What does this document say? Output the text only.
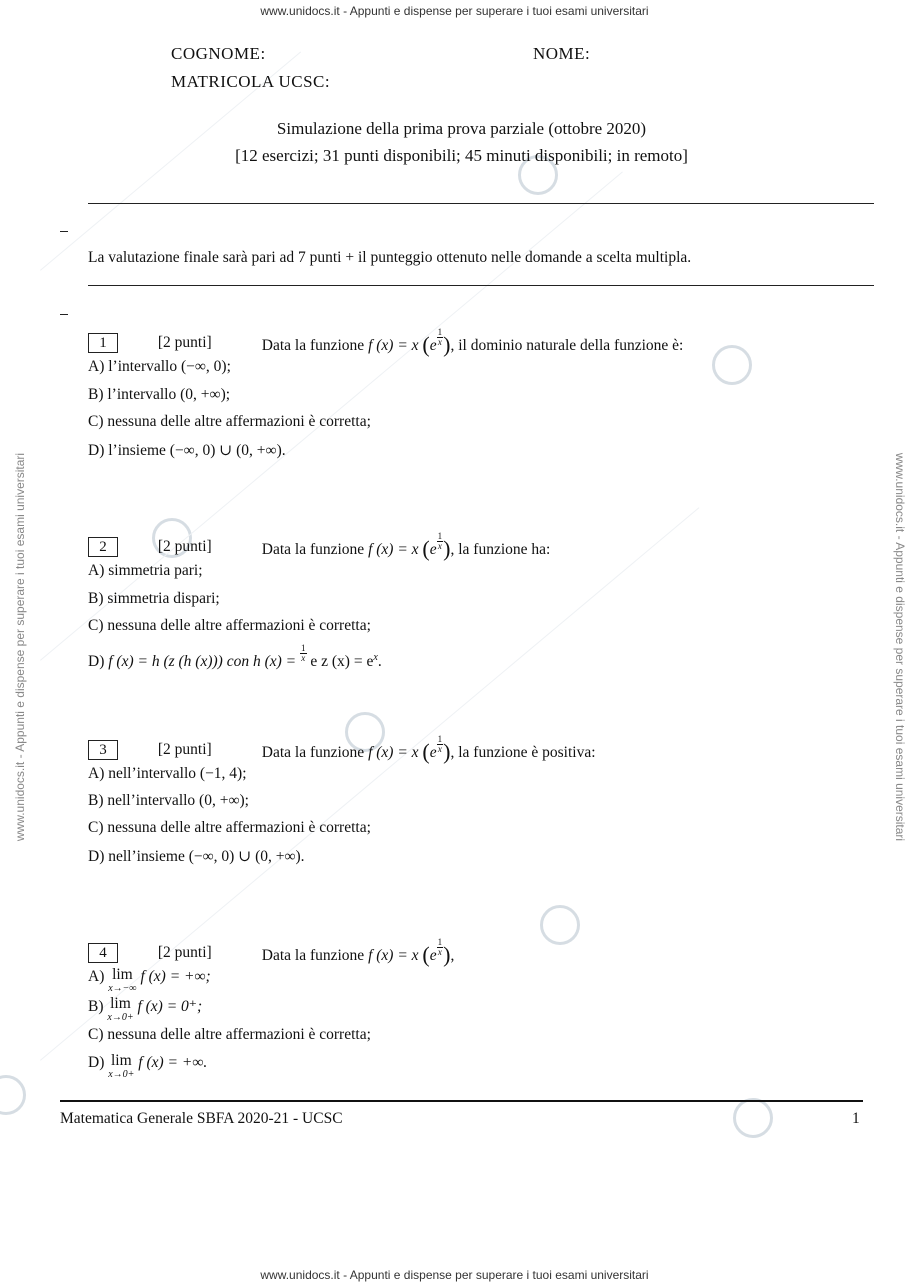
www.unidocs.it - Appunti e dispense per superare i tuoi esami universitari
www.unidocs.it - Appunti e dispense per superare i tuoi esami universitari
www.unidocs.it - Appunti e dispense per superare i tuoi esami universitari	www.unidocs.it - Appunti e dispense per superare i tuoi esami universitari
COGNOME:	NOME:
MATRICOLA UCSC:
Simulazione della prima prova parziale (ottobre 2020)
[12 esercizi; 31 punti disponibili; 45 minuti disponibili; in remoto]
La valutazione finale sarà pari ad 7 punti + il punteggio ottenuto nelle domande a scelta multipla.
1	[2 punti]	Data la funzione f (x) = x ($e \frac{1}{x}$ ), il dominio naturale della funzione è:
A) l’intervallo (−∞, 0);
B) l’intervallo (0, +∞);
C) nessuna delle altre affermazioni è corretta;
D) l’insieme (−∞, 0) ∪ (0, +∞).
2	[2 punti]	Data la funzione f (x) = x ($e \frac{1}{x}$ ), la funzione ha:
A) simmetria pari;
B) simmetria dispari;
C) nessuna delle altre affermazioni è corretta;
D) f (x) = h (z (h (x))) con h $(x) = \frac{1}{x}$ e z $(x) = e^x$.
3	[2 punti]	Data la funzione f (x) = x ($e \frac{1}{x}$ ), la funzione è positiva:
A) nell’intervallo (−1, 4);
B) nell’intervallo (0, +∞);
C) nessuna delle altre affermazioni è corretta;
D) nell’insieme (−∞, 0) ∪ (0, +∞).
4	[2 punti]	Data la funzione f (x) = x ($e \frac{1}{x}$ ),
A) lim
x→−∞
f (x) = +∞;
B) lim
x→0+
f (x) = 0⁺;
C) nessuna delle altre affermazioni è corretta;
D) lim
x→0+
f (x) = +∞.
Matematica Generale SBFA 2020-21 - UCSC	1
